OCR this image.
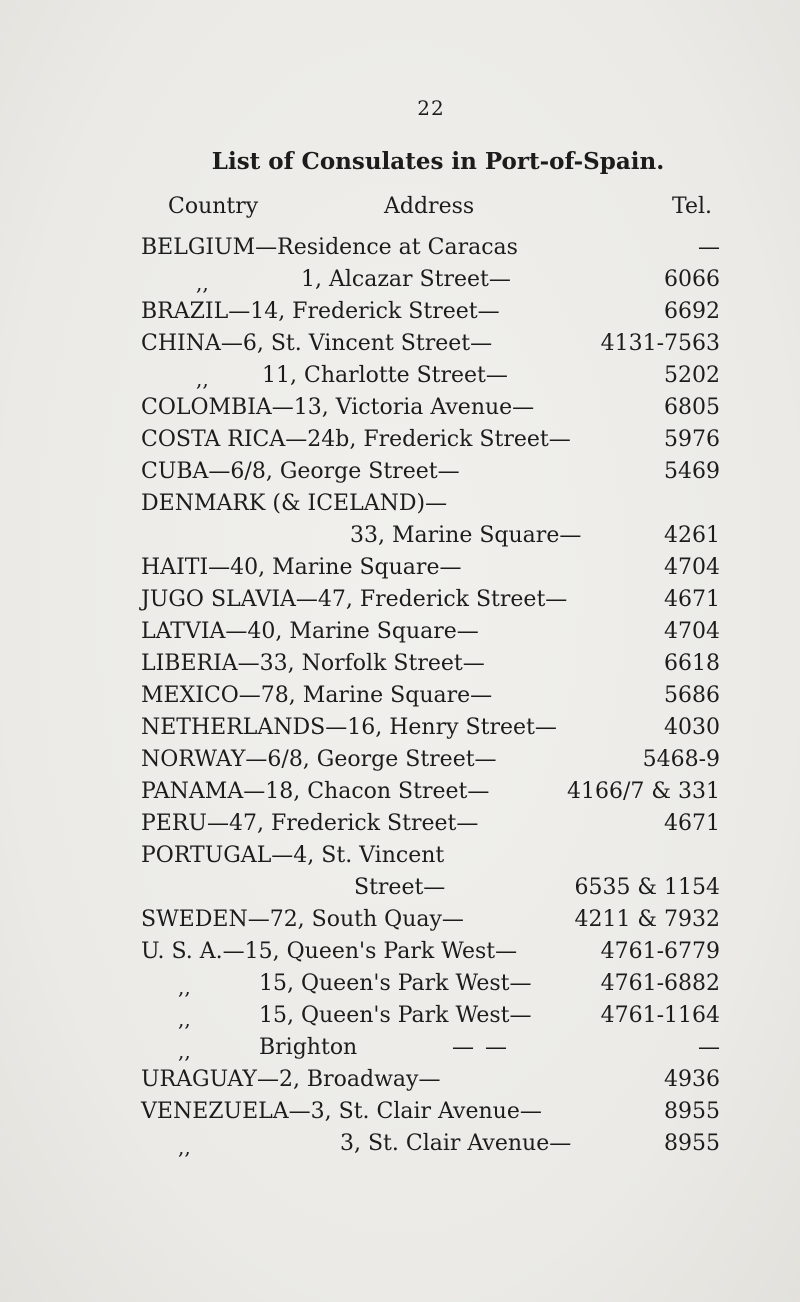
22
List of Consulates in Port-of-Spain.
Country	Address	Tel.
BELGIUM—Residence at Caracas	—
,,	1, Alcazar Street—	6066
BRAZIL—14, Frederick Street—	6692
CHINA—6, St. Vincent Street—	4131-7563
,, 11, Charlotte Street—	5202
COLOMBIA—13, Victoria Avenue—	6805
COSTA RICA—24b, Frederick Street—	5976
CUBA—6/8, George Street—	5469
DENMARK (& ICELAND)—
33, Marine Square—	4261
HAITI—40, Marine Square—	4704
JUGO SLAVIA—47, Frederick Street—	4671
LATVIA—40, Marine Square—	4704
LIBERIA—33, Norfolk Street—	6618
MEXICO—78, Marine Square—	5686
NETHERLANDS—16, Henry Street—	4030
NORWAY—6/8, George Street—	5468-9
PANAMA—18, Chacon Street—	4166/7 & 331
PERU—47, Frederick Street—	4671
PORTUGAL—4, St. Vincent
Street—	6535 & 1154
SWEDEN—72, South Quay—	4211 & 7932
U. S. A.—15, Queen's Park West—	4761-6779
,,	15, Queen's Park West—	4761-6882
,,	15, Queen's Park West—	4761-1164
,,	Brighton	— —	—
URAGUAY—2, Broadway—	4936
VENEZUELA—3, St. Clair Avenue—	8955
,,	3, St. Clair Avenue—	8955
